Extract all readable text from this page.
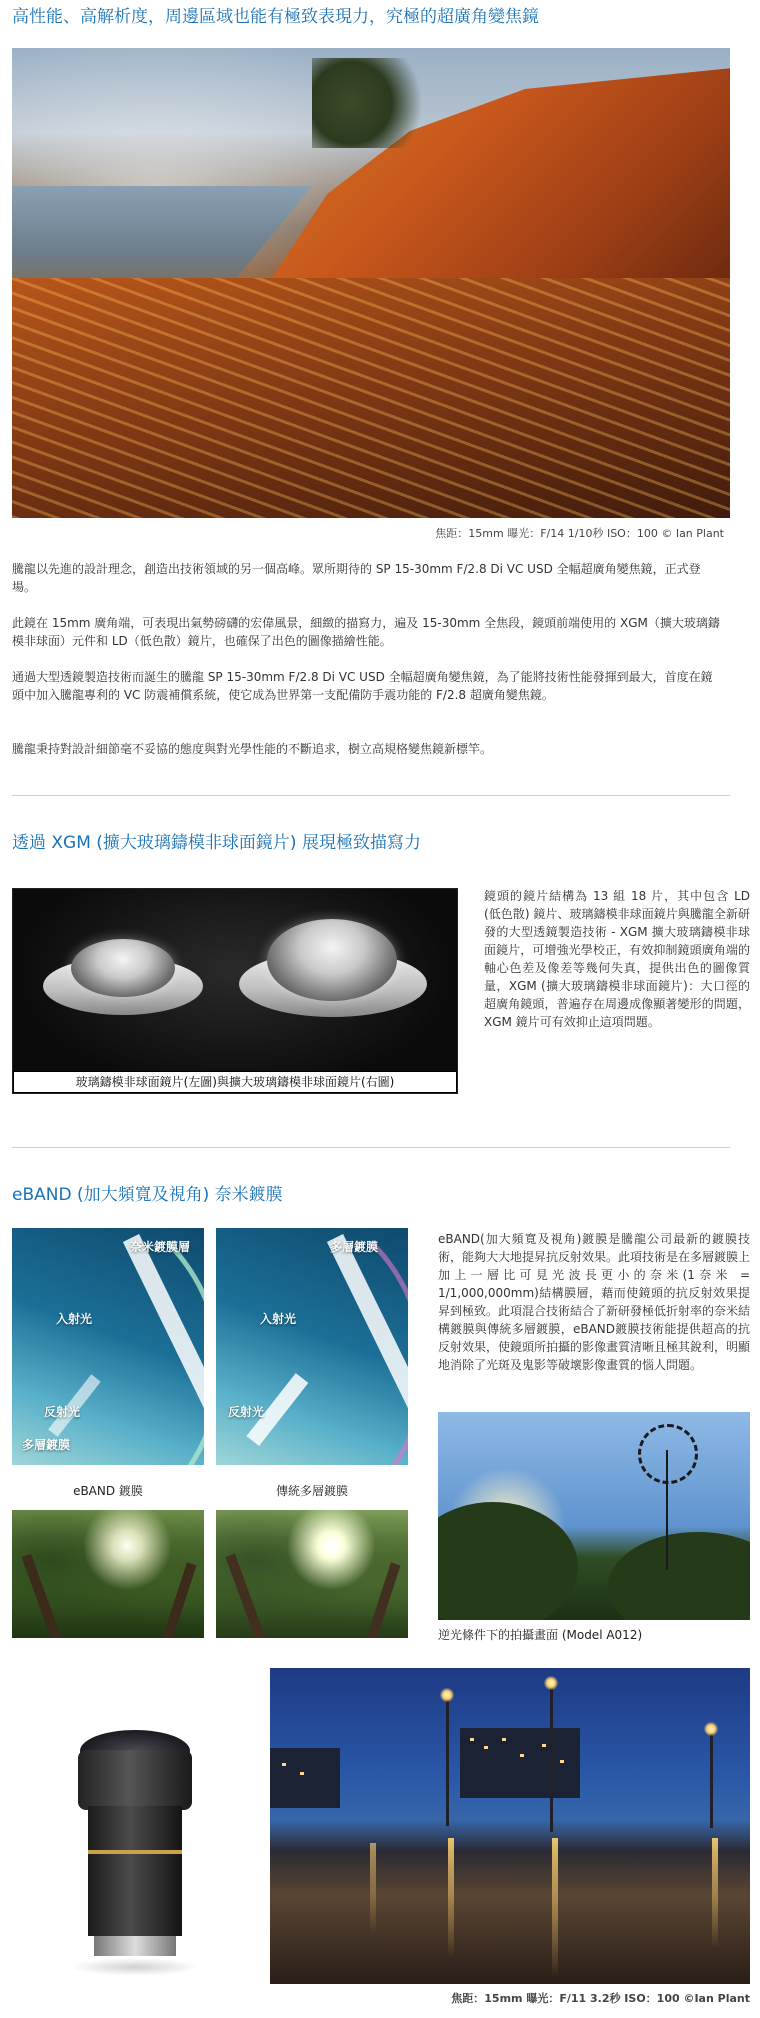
高性能、高解析度，周邊區域也能有極致表現力，究極的超廣角變焦鏡
焦距：15mm 曝光：F/14 1/10秒 ISO：100 © Ian Plant
騰龍以先進的設計理念，創造出技術領域的另一個高峰。眾所期待的 SP 15-30mm F/2.8 Di VC USD 全幅超廣角變焦鏡，正式登場。
此鏡在 15mm 廣角端，可表現出氣勢磅礴的宏偉風景，細緻的描寫力，遍及 15-30mm 全焦段，鏡頭前端使用的 XGM（擴大玻璃鑄模非球面）元件和 LD（低色散）鏡片，也確保了出色的圖像描繪性能。
通過大型透鏡製造技術而誕生的騰龍 SP 15-30mm F/2.8 Di VC USD 全幅超廣角變焦鏡，為了能將技術性能發揮到最大，首度在鏡頭中加入騰龍專利的 VC 防震補償系統，使它成為世界第一支配備防手震功能的 F/2.8 超廣角變焦鏡。
騰龍秉持對設計細節毫不妥協的態度與對光學性能的不斷追求，樹立高規格變焦鏡新標竿。
透過 XGM (擴大玻璃鑄模非球面鏡片) 展現極致描寫力
玻璃鑄模非球面鏡片(左圖)與擴大玻璃鑄模非球面鏡片(右圖)
鏡頭的鏡片結構為 13 組 18 片，其中包含 LD (低色散) 鏡片、玻璃鑄模非球面鏡片與騰龍全新研發的大型透鏡製造技術 - XGM 擴大玻璃鑄模非球面鏡片，可增強光學校正，有效抑制鏡頭廣角端的軸心色差及像差等幾何失真，提供出色的圖像質量，XGM (擴大玻璃鑄模非球面鏡片)：大口徑的超廣角鏡頭，普遍存在周邊成像顯著變形的問題，XGM 鏡片可有效抑止這項問題。
eBAND (加大頻寬及視角) 奈米鍍膜
奈米鍍膜層
入射光
反射光
多層鍍膜
eBAND 鍍膜
多層鍍膜
入射光
反射光
傳統多層鍍膜
eBAND(加大頻寬及視角)鍍膜是騰龍公司最新的鍍膜技術，能夠大大地提昇抗反射效果。此項技術是在多層鍍膜上加上一層比可見光波長更小的奈米(1奈米 = 1/1,000,000mm)結構膜層，藉而使鏡頭的抗反射效果提昇到極致。此項混合技術結合了新研發極低折射率的奈米結構鍍膜與傳統多層鍍膜，eBAND鍍膜技術能提供超高的抗反射效果，使鏡頭所拍攝的影像畫質清晰且極其銳利，明顯地消除了光斑及鬼影等破壞影像畫質的惱人問題。
逆光條件下的拍攝畫面 (Model A012)
焦距：15mm 曝光：F/11 3.2秒 ISO：100 ©Ian Plant
